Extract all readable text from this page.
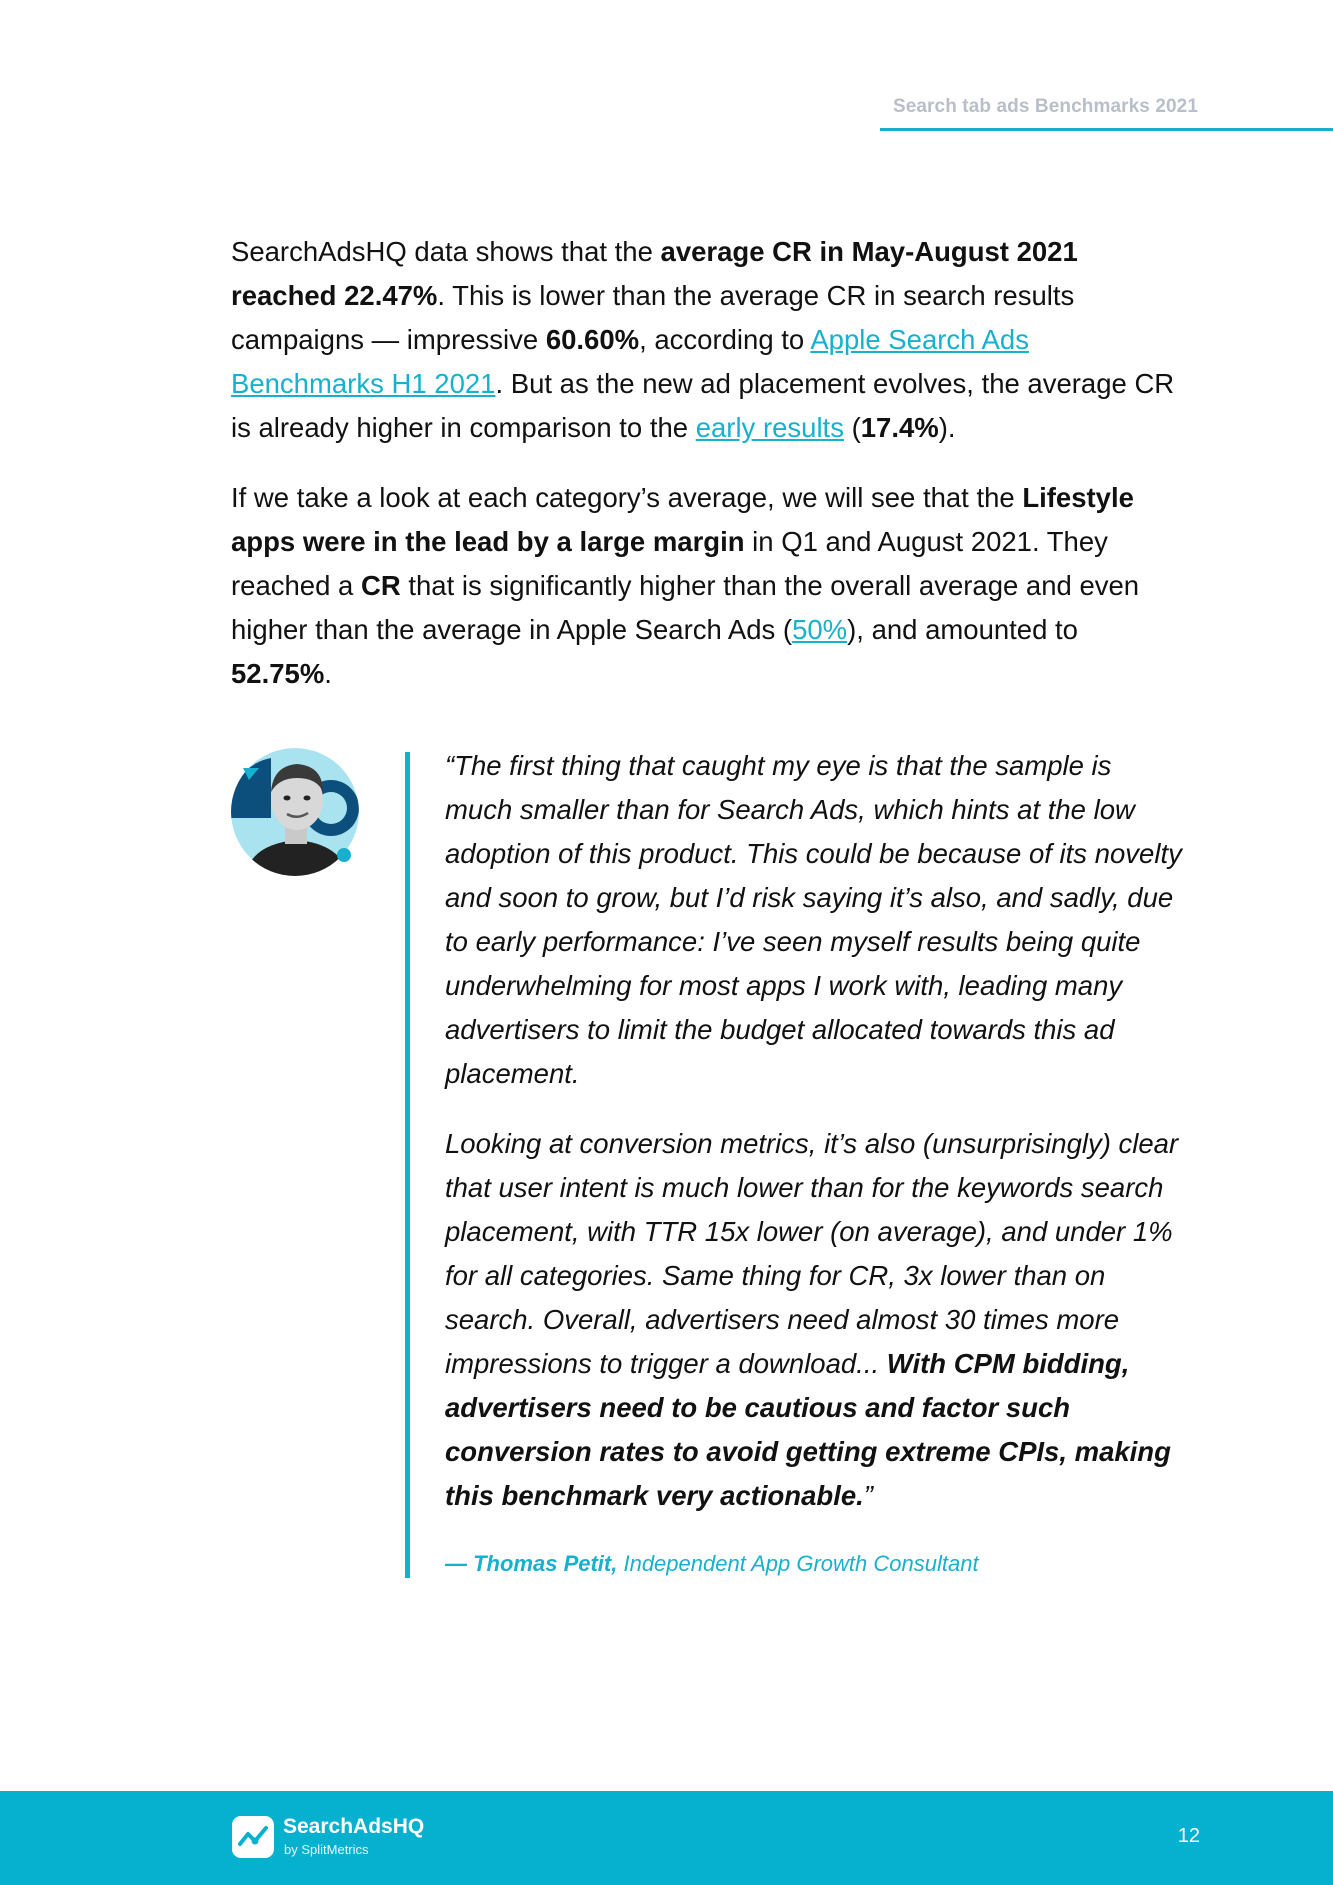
Search tab ads Benchmarks 2021

SearchAdsHQ data shows that the average CR in May-August 2021 reached 22.47%. This is lower than the average CR in search results campaigns — impressive 60.60%, according to Apple Search Ads Benchmarks H1 2021. But as the new ad placement evolves, the average CR is already higher in comparison to the early results (17.4%).

If we take a look at each category’s average, we will see that the Lifestyle apps were in the lead by a large margin in Q1 and August 2021. They reached a CR that is significantly higher than the overall average and even higher than the average in Apple Search Ads (50%), and amounted to 52.75%.

“The first thing that caught my eye is that the sample is much smaller than for Search Ads, which hints at the low adoption of this product. This could be because of its novelty and soon to grow, but I’d risk saying it’s also, and sadly, due to early performance: I’ve seen myself results being quite underwhelming for most apps I work with, leading many advertisers to limit the budget allocated towards this ad placement.

Looking at conversion metrics, it’s also (unsurprisingly) clear that user intent is much lower than for the keywords search placement, with TTR 15x lower (on average), and under 1% for all categories. Same thing for CR, 3x lower than on search. Overall, advertisers need almost 30 times more impressions to trigger a download... With CPM bidding, advertisers need to be cautious and factor such conversion rates to avoid getting extreme CPIs, making this benchmark very actionable.”

— Thomas Petit, Independent App Growth Consultant
SearchAdsHQ
by SplitMetrics
12
